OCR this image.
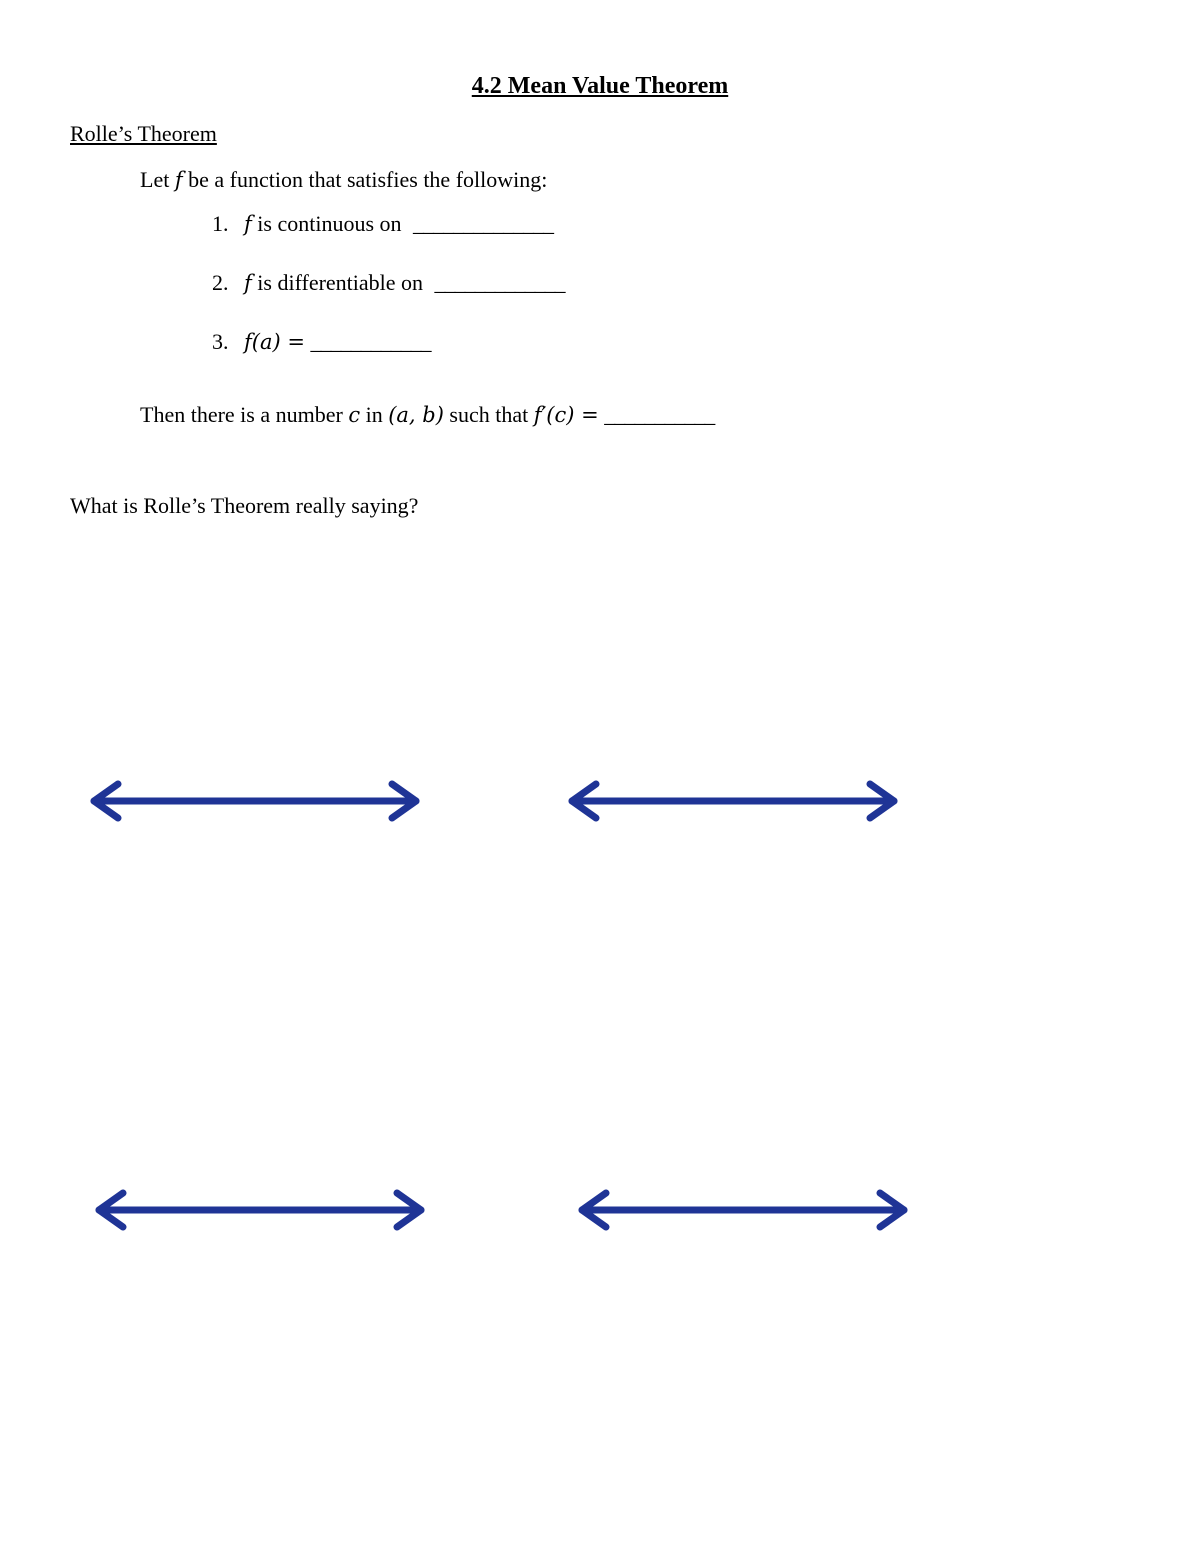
4.2 Mean Value Theorem
Rolle’s Theorem
Let f be a function that satisfies the following:
1. f is continuous on ______________
2. f is differentiable on _____________
3. f(a) = ____________
Then there is a number c in (a, b) such that f′(c) = ___________
What is Rolle’s Theorem really saying?
